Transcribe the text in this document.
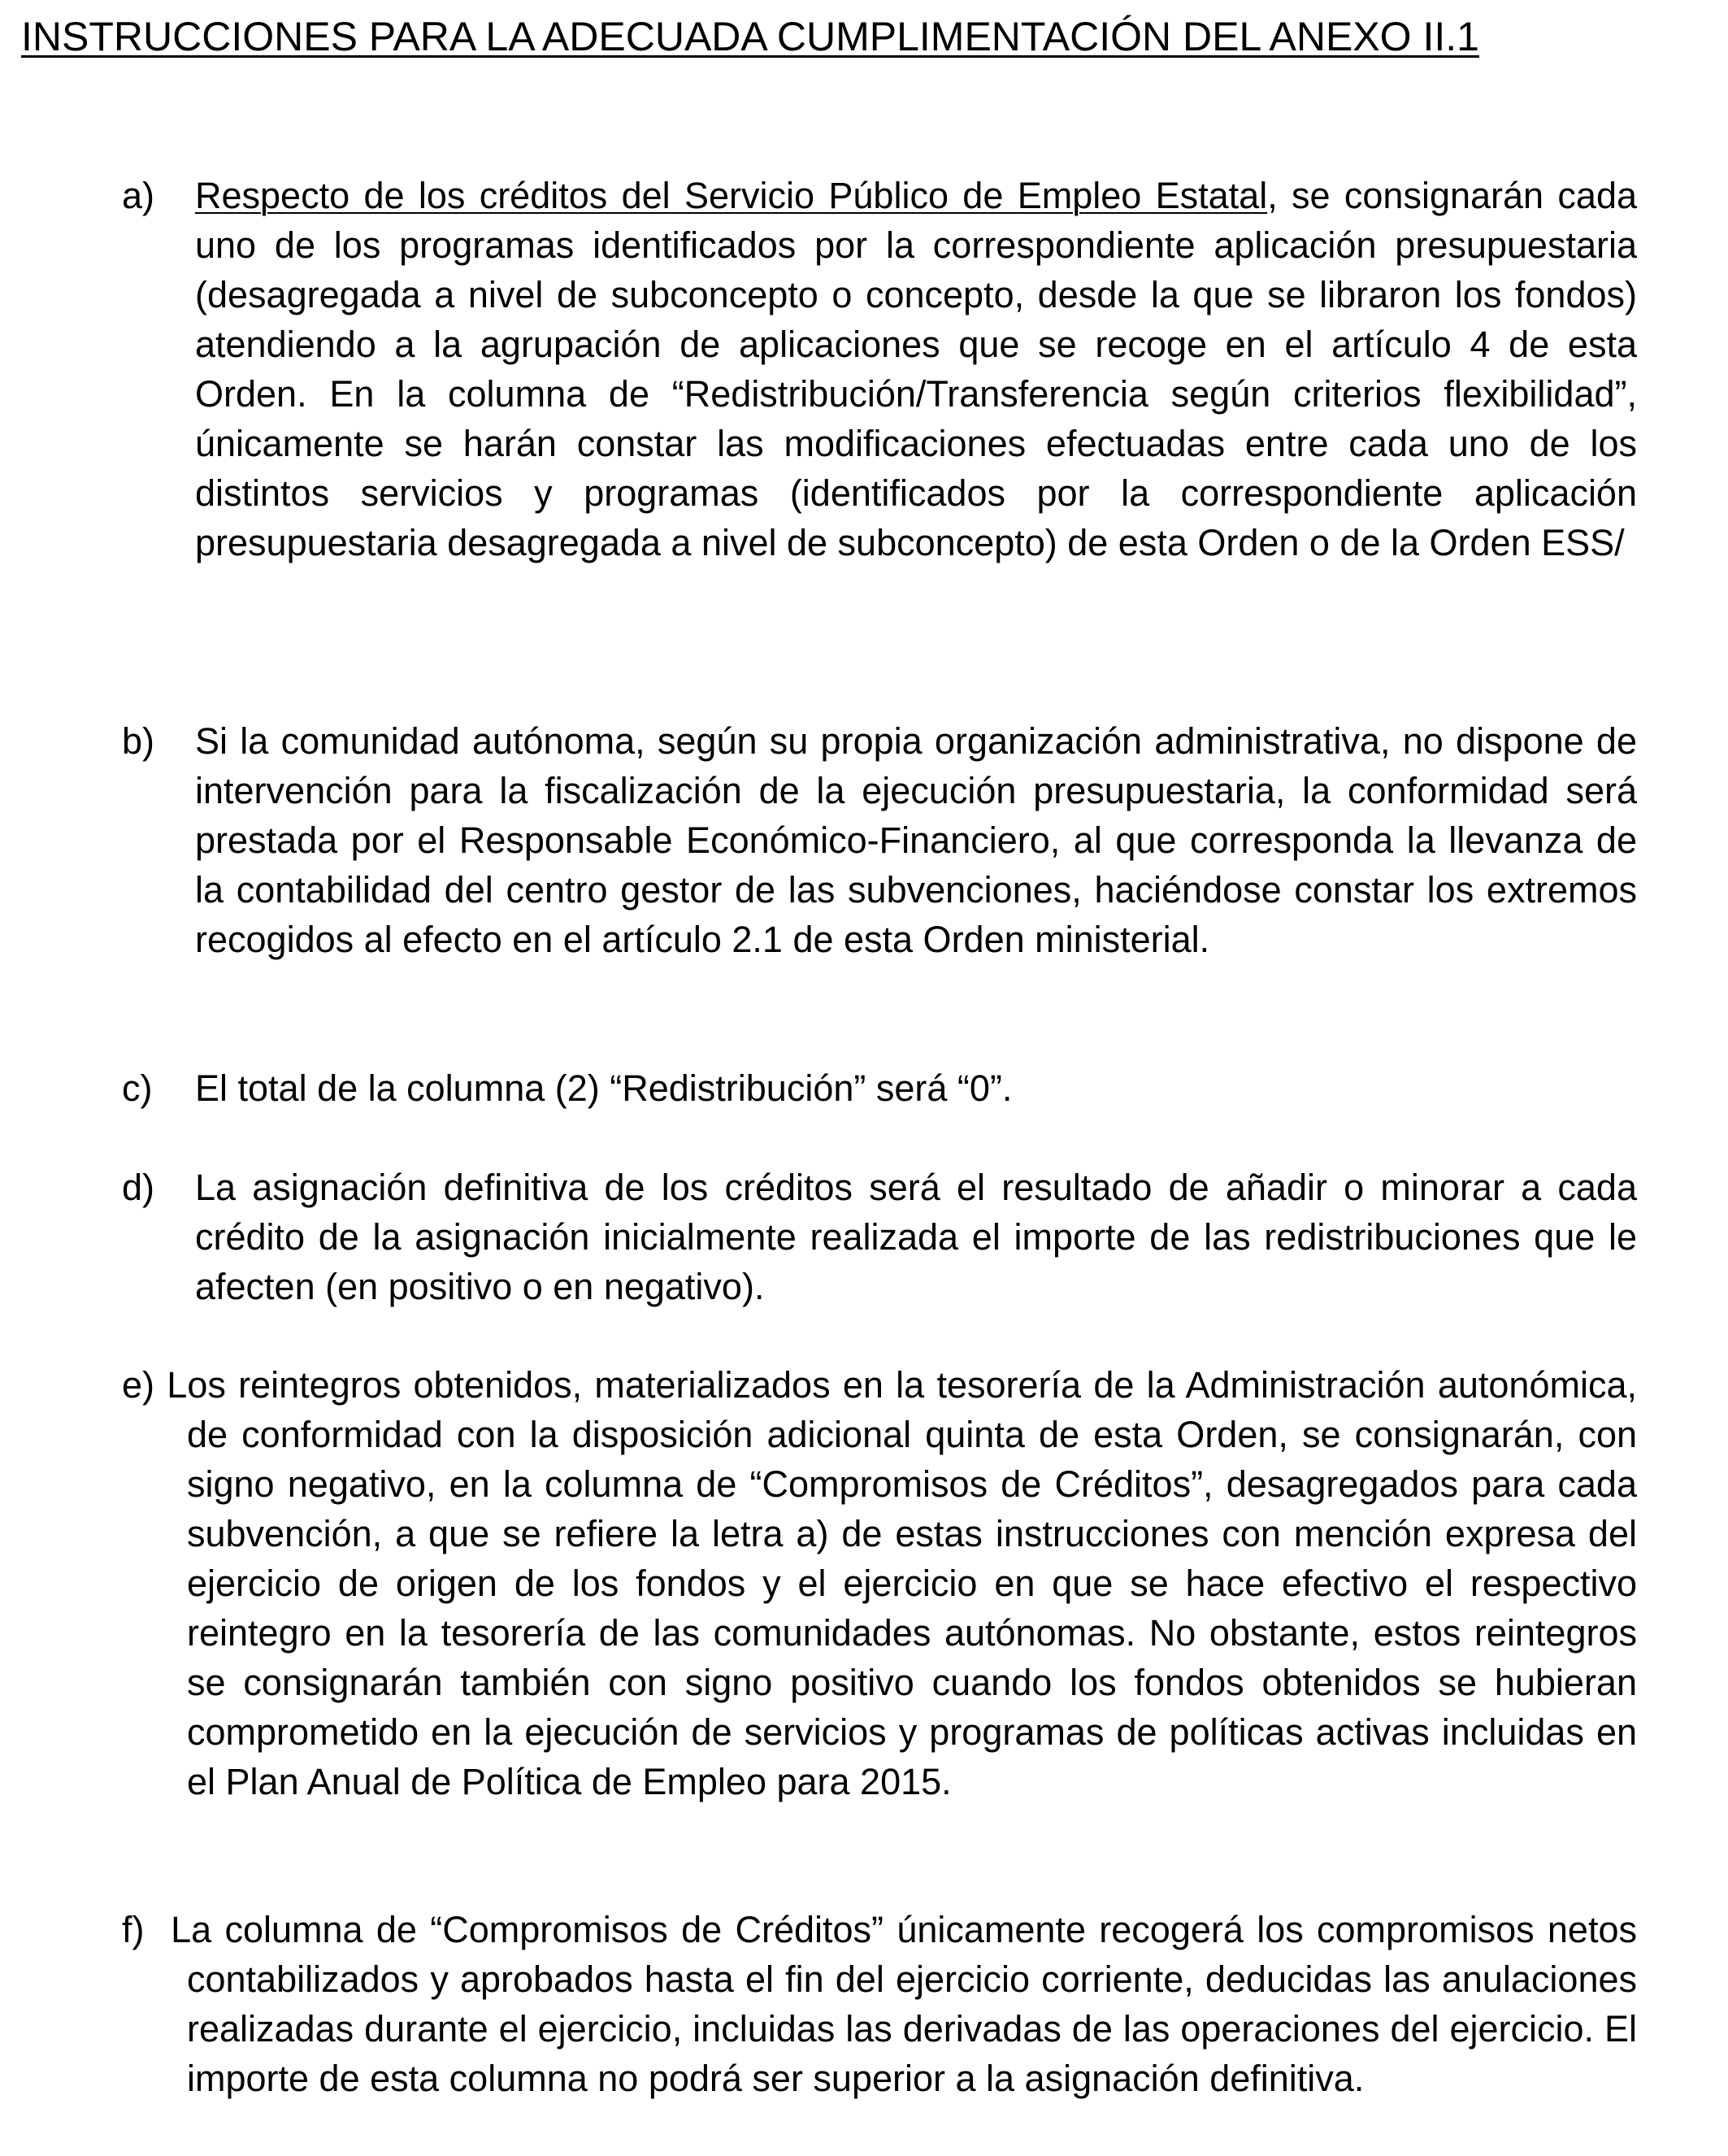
INSTRUCCIONES PARA LA ADECUADA CUMPLIMENTACIÓN DEL ANEXO II.1
a) Respecto de los créditos del Servicio Público de Empleo Estatal, se consignarán cada uno de los programas identificados por la correspondiente aplicación presupuestaria (desagregada a nivel de subconcepto o concepto, desde la que se libraron los fondos) atendiendo a la agrupación de aplicaciones que se recoge en el artículo 4 de esta Orden. En la columna de “Redistribución/Transferencia según criterios flexibilidad”, únicamente se harán constar las modificaciones efectuadas entre cada uno de los distintos servicios y programas (identificados por la correspondiente aplicación presupuestaria desagregada a nivel de subconcepto) de esta Orden o de la Orden ESS/
b) Si la comunidad autónoma, según su propia organización administrativa, no dispone de intervención para la fiscalización de la ejecución presupuestaria, la conformidad será prestada por el Responsable Económico-Financiero, al que corresponda la llevanza de la contabilidad del centro gestor de las subvenciones, haciéndose constar los extremos recogidos al efecto en el artículo 2.1 de esta Orden ministerial.
c) El total de la columna (2) “Redistribución” será “0”.
d) La asignación definitiva de los créditos será el resultado de añadir o minorar a cada crédito de la asignación inicialmente realizada el importe de las redistribuciones que le afecten (en positivo o en negativo).
e) Los reintegros obtenidos, materializados en la tesorería de la Administración autonómica, de conformidad con la disposición adicional quinta de esta Orden, se consignarán, con signo negativo, en la columna de “Compromisos de Créditos”, desagregados para cada subvención, a que se refiere la letra a) de estas instrucciones con mención expresa del ejercicio de origen de los fondos y el ejercicio en que se hace efectivo el respectivo reintegro en la tesorería de las comunidades autónomas. No obstante, estos reintegros se consignarán también con signo positivo cuando los fondos obtenidos se hubieran comprometido en la ejecución de servicios y programas de políticas activas incluidas en el Plan Anual de Política de Empleo para 2015.
f) La columna de “Compromisos de Créditos” únicamente recogerá los compromisos netos contabilizados y aprobados hasta el fin del ejercicio corriente, deducidas las anulaciones realizadas durante el ejercicio, incluidas las derivadas de las operaciones del ejercicio. El importe de esta columna no podrá ser superior a la asignación definitiva.
